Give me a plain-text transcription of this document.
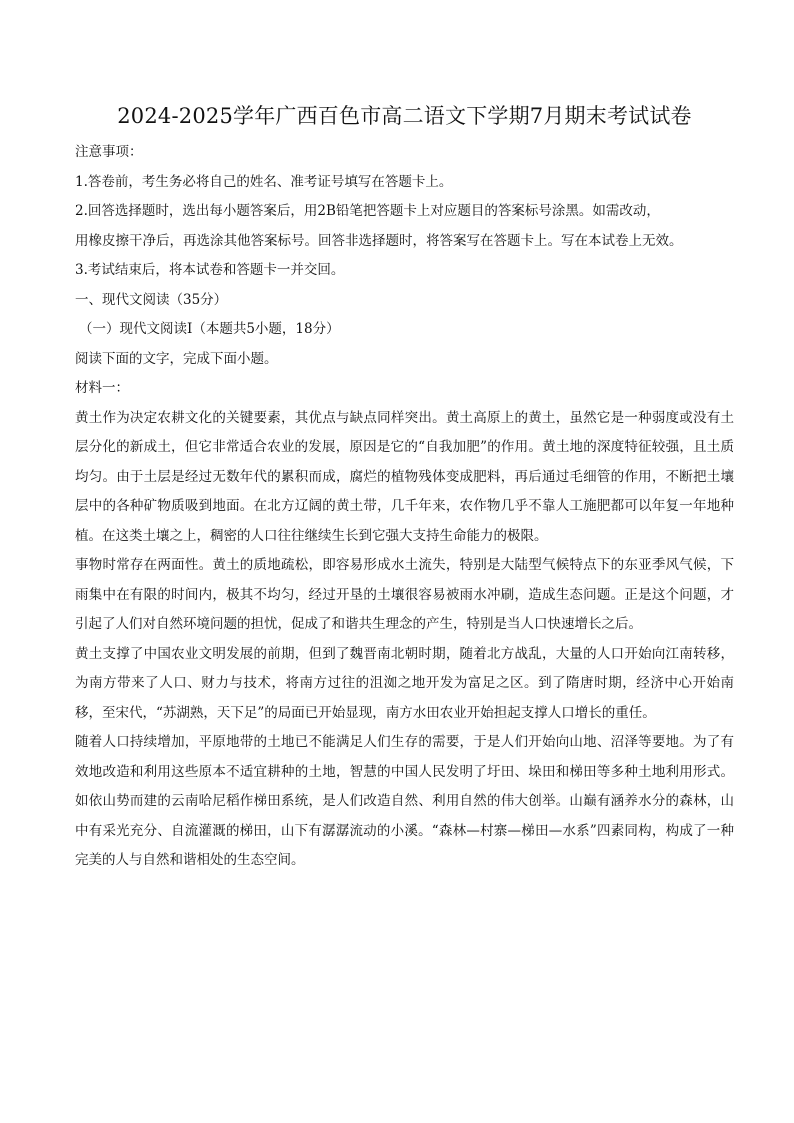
2024-2025学年广西百色市高二语文下学期7月期末考试试卷
注意事项：
1.答卷前，考生务必将自己的姓名、准考证号填写在答题卡上。
2.回答选择题时，选出每小题答案后，用2B铅笔把答题卡上对应题目的答案标号涂黑。如需改动，
用橡皮擦干净后，再选涂其他答案标号。回答非选择题时，将答案写在答题卡上。写在本试卷上无效。
3.考试结束后，将本试卷和答题卡一并交回。
一、现代文阅读（35分）
（一）现代文阅读Ⅰ（本题共5小题，18分）
阅读下面的文字，完成下面小题。
材料一：

黄土作为决定农耕文化的关键要素，其优点与缺点同样突出。黄土高原上的黄土，虽然它是一种弱度或没有土层分化的新成土，但它非常适合农业的发展，原因是它的“自我加肥”的作用。黄土地的深度特征较强，且土质均匀。由于土层是经过无数年代的累积而成，腐烂的植物残体变成肥料，再后通过毛细管的作用，不断把土壤层中的各种矿物质吸到地面。在北方辽阔的黄土带，几千年来，农作物几乎不靠人工施肥都可以年复一年地种植。在这类土壤之上，稠密的人口往往继续生长到它强大支持生命能力的极限。

事物时常存在两面性。黄土的质地疏松，即容易形成水土流失，特别是大陆型气候特点下的东亚季风气候，下雨集中在有限的时间内，极其不均匀，经过开垦的土壤很容易被雨水冲刷，造成生态问题。正是这个问题，才引起了人们对自然环境问题的担忧，促成了和谐共生理念的产生，特别是当人口快速增长之后。

黄土支撑了中国农业文明发展的前期，但到了魏晋南北朝时期，随着北方战乱，大量的人口开始向江南转移，为南方带来了人口、财力与技术，将南方过往的沮洳之地开发为富足之区。到了隋唐时期，经济中心开始南移，至宋代，“苏湖熟，天下足”的局面已开始显现，南方水田农业开始担起支撑人口增长的重任。

随着人口持续增加，平原地带的土地已不能满足人们生存的需要，于是人们开始向山地、沼泽等要地。为了有效地改造和利用这些原本不适宜耕种的土地，智慧的中国人民发明了圩田、垛田和梯田等多种土地利用形式。如依山势而建的云南哈尼稻作梯田系统，是人们改造自然、利用自然的伟大创举。山巅有涵养水分的森林，山中有采光充分、自流灌溉的梯田，山下有潺潺流动的小溪。“森林—村寨—梯田—水系”四素同构，构成了一种完美的人与自然和谐相处的生态空间。
